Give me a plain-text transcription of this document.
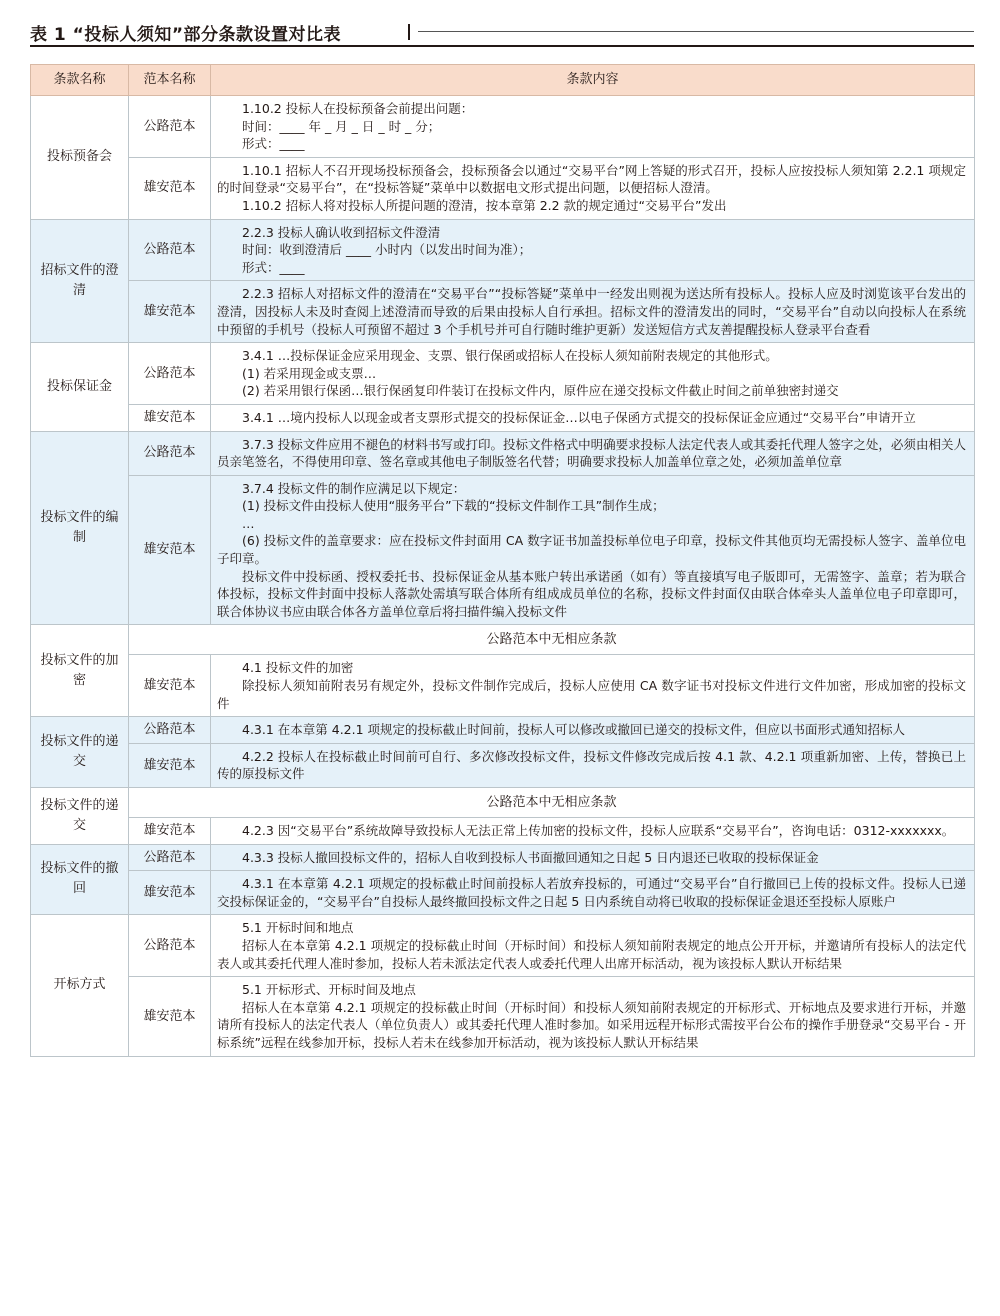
表 1 “投标人须知”部分条款设置对比表
条款名称	范本名称	条款内容
投标预备会	公路范本	1.10.2 投标人在投标预备会前提出问题：
时间：____ 年 _ 月 _ 日 _ 时 _ 分；
形式：____

	雄安范本	1.10.1 招标人不召开现场投标预备会，投标预备会以通过“交易平台”网上答疑的形式召开，投标人应按投标人须知第 2.2.1 项规定的时间登录“交易平台”，在“投标答疑”菜单中以数据电文形式提出问题，以便招标人澄清。
1.10.2 招标人将对投标人所提问题的澄清，按本章第 2.2 款的规定通过“交易平台”发出

招标文件的澄清	公路范本	2.2.3 投标人确认收到招标文件澄清
时间：收到澄清后 ____ 小时内（以发出时间为准）；
形式：____

	雄安范本	2.2.3 招标人对招标文件的澄清在“交易平台”“投标答疑”菜单中一经发出则视为送达所有投标人。投标人应及时浏览该平台发出的澄清，因投标人未及时查阅上述澄清而导致的后果由投标人自行承担。招标文件的澄清发出的同时，“交易平台”自动以向投标人在系统中预留的手机号（投标人可预留不超过 3 个手机号并可自行随时维护更新）发送短信方式友善提醒投标人登录平台查看

投标保证金	公路范本	3.4.1 …投标保证金应采用现金、支票、银行保函或招标人在投标人须知前附表规定的其他形式。
(1) 若采用现金或支票…
(2) 若采用银行保函…银行保函复印件装订在投标文件内，原件应在递交投标文件截止时间之前单独密封递交

	雄安范本	3.4.1 …境内投标人以现金或者支票形式提交的投标保证金…以电子保函方式提交的投标保证金应通过“交易平台”申请开立

投标文件的编制	公路范本	3.7.3 投标文件应用不褪色的材料书写或打印。投标文件格式中明确要求投标人法定代表人或其委托代理人签字之处，必须由相关人员亲笔签名，不得使用印章、签名章或其他电子制版签名代替；明确要求投标人加盖单位章之处，必须加盖单位章

	雄安范本	3.7.4 投标文件的制作应满足以下规定：
(1) 投标文件由投标人使用“服务平台”下载的“投标文件制作工具”制作生成；
…
(6) 投标文件的盖章要求：应在投标文件封面用 CA 数字证书加盖投标单位电子印章，投标文件其他页均无需投标人签字、盖单位电子印章。
投标文件中投标函、授权委托书、投标保证金从基本账户转出承诺函（如有）等直接填写电子版即可，无需签字、盖章；若为联合体投标，投标文件封面中投标人落款处需填写联合体所有组成成员单位的名称，投标文件封面仅由联合体牵头人盖单位电子印章即可，联合体协议书应由联合体各方盖单位章后将扫描件编入投标文件

投标文件的加密	公路范本中无相应条款	
	雄安范本	4.1 投标文件的加密
除投标人须知前附表另有规定外，投标文件制作完成后，投标人应使用 CA 数字证书对投标文件进行文件加密，形成加密的投标文件

投标文件的递交	公路范本	4.3.1 在本章第 4.2.1 项规定的投标截止时间前，投标人可以修改或撤回已递交的投标文件，但应以书面形式通知招标人

	雄安范本	4.2.2 投标人在投标截止时间前可自行、多次修改投标文件，投标文件修改完成后按 4.1 款、4.2.1 项重新加密、上传，替换已上传的原投标文件

投标文件的递交	公路范本中无相应条款	
	雄安范本	4.2.3 因“交易平台”系统故障导致投标人无法正常上传加密的投标文件，投标人应联系“交易平台”，咨询电话：0312-xxxxxxx。

投标文件的撤回	公路范本	4.3.3 投标人撤回投标文件的，招标人自收到投标人书面撤回通知之日起 5 日内退还已收取的投标保证金

	雄安范本	4.3.1 在本章第 4.2.1 项规定的投标截止时间前投标人若放弃投标的，可通过“交易平台”自行撤回已上传的投标文件。投标人已递交投标保证金的，“交易平台”自投标人最终撤回投标文件之日起 5 日内系统自动将已收取的投标保证金退还至投标人原账户

开标方式	公路范本	5.1 开标时间和地点
招标人在本章第 4.2.1 项规定的投标截止时间（开标时间）和投标人须知前附表规定的地点公开开标，并邀请所有投标人的法定代表人或其委托代理人准时参加，投标人若未派法定代表人或委托代理人出席开标活动，视为该投标人默认开标结果

	雄安范本	5.1 开标形式、开标时间及地点
招标人在本章第 4.2.1 项规定的投标截止时间（开标时间）和投标人须知前附表规定的开标形式、开标地点及要求进行开标，并邀请所有投标人的法定代表人（单位负责人）或其委托代理人准时参加。如采用远程开标形式需按平台公布的操作手册登录“交易平台 - 开标系统”远程在线参加开标，投标人若未在线参加开标活动，视为该投标人默认开标结果
